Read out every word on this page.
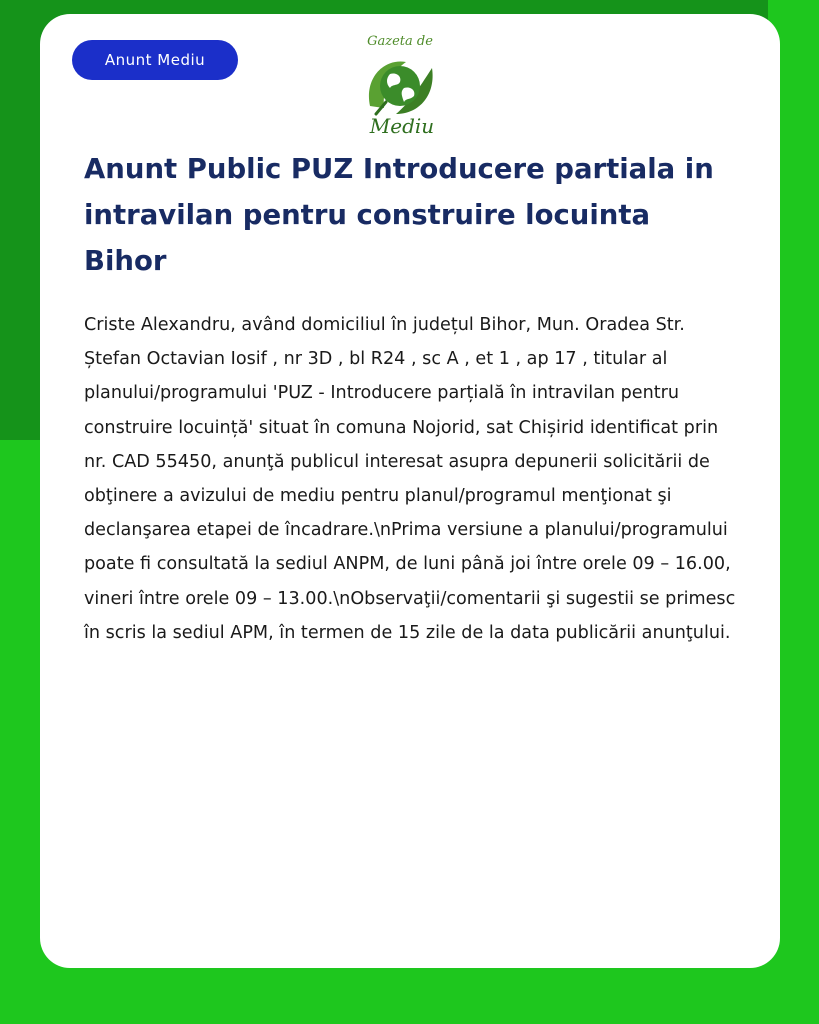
Anunt Mediu
Gazeta de
Mediu
Anunt Public PUZ Introducere partiala in intravilan pentru construire locuinta Bihor

Criste Alexandru, având domiciliul în județul Bihor, Mun. Oradea Str. Ștefan Octavian Iosif , nr 3D , bl R24 , sc A , et 1 , ap 17 , titular al planului/programului 'PUZ - Introducere parțială în intravilan pentru construire locuință' situat în comuna Nojorid, sat Chișirid identificat prin nr. CAD 55450, anunţă publicul interesat asupra depunerii solicitării de obţinere a avizului de mediu pentru planul/programul menţionat şi declanşarea etapei de încadrare.\nPrima versiune a planului/programului poate fi consultată la sediul ANPM, de luni până joi între orele 09 – 16.00, vineri între orele 09 – 13.00.\nObservaţii/comentarii şi sugestii se primesc în scris la sediul APM, în termen de 15 zile de la data publicării anunţului.
